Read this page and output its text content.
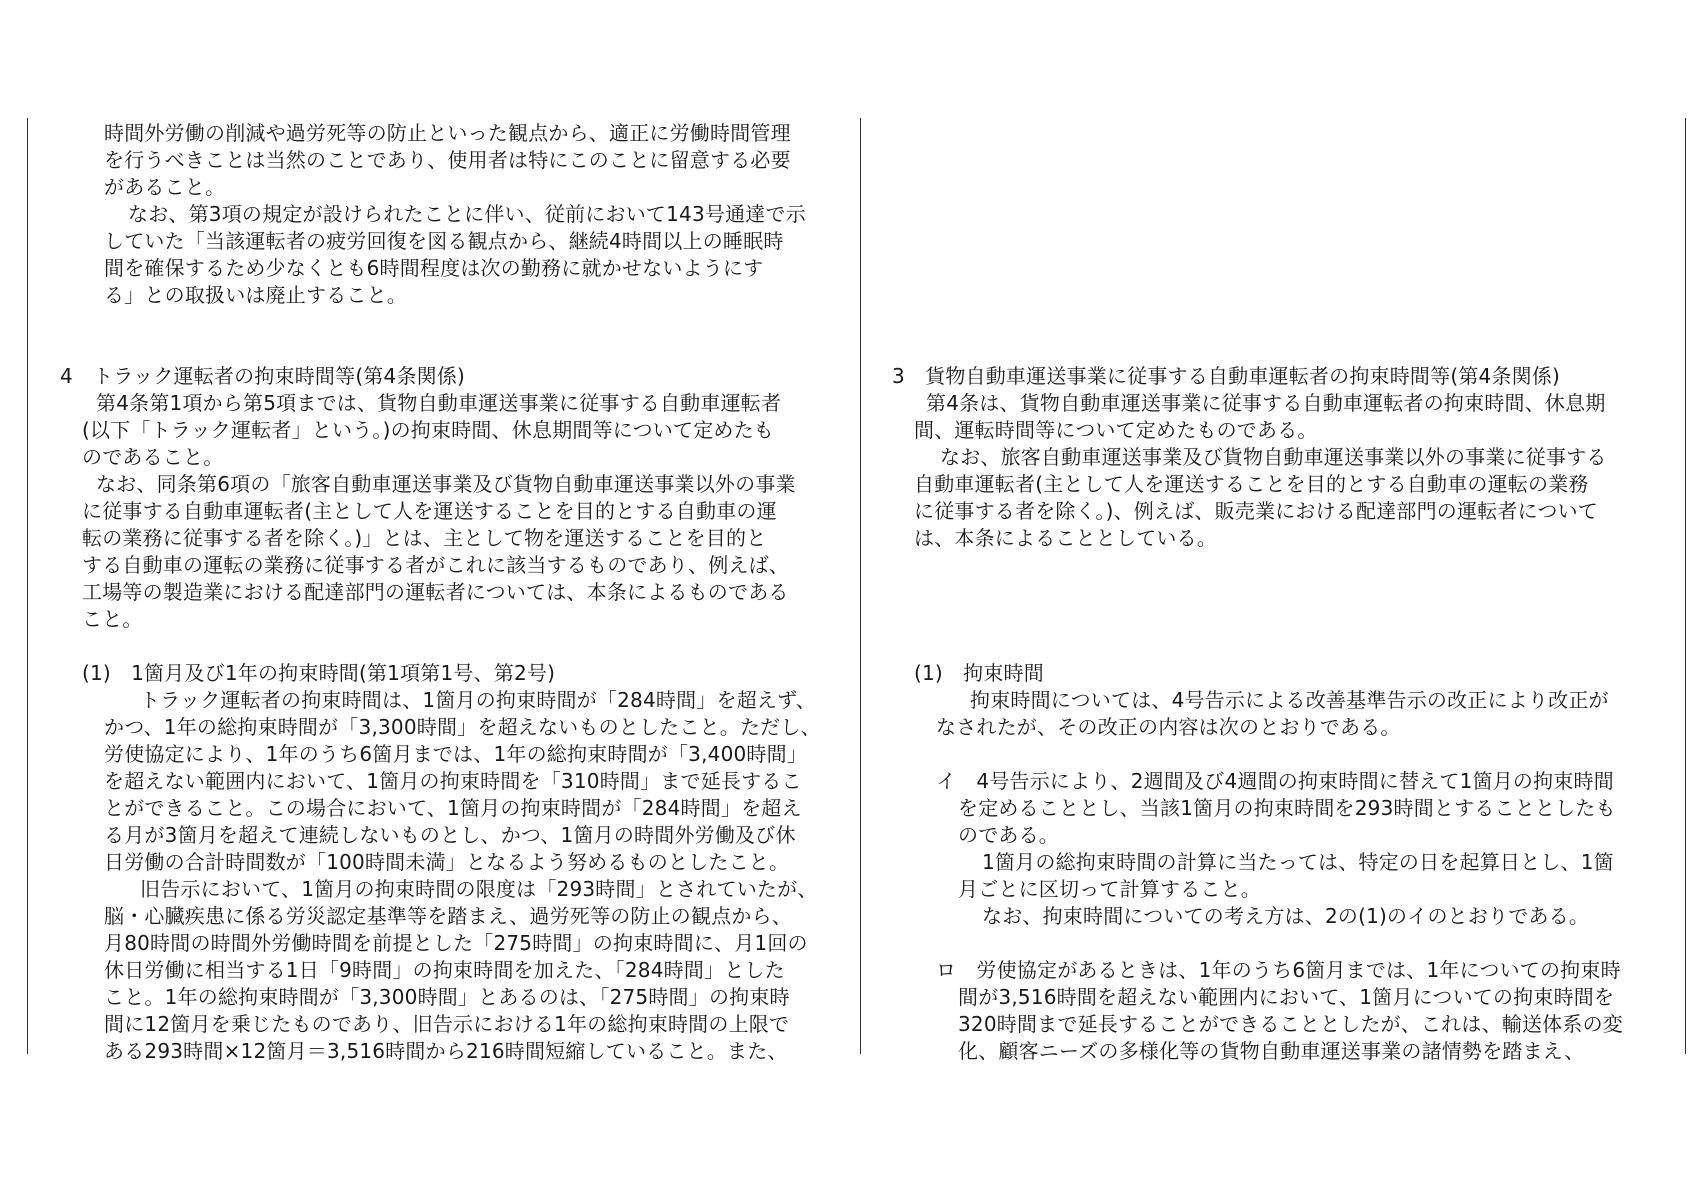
時間外労働の削減や過労死等の防止といった観点から、適正に労働時間管理
を行うべきことは当然のことであり、使用者は特にこのことに留意する必要
があること。
なお、第3項の規定が設けられたことに伴い、従前において143号通達で示
していた「当該運転者の疲労回復を図る観点から、継続4時間以上の睡眠時
間を確保するため少なくとも6時間程度は次の勤務に就かせないようにす
る」との取扱いは廃止すること。
4　トラック運転者の拘束時間等(第4条関係)
第4条第1項から第5項までは、貨物自動車運送事業に従事する自動車運転者
(以下「トラック運転者」という。)の拘束時間、休息期間等について定めたも
のであること。
なお、同条第6項の「旅客自動車運送事業及び貨物自動車運送事業以外の事業
に従事する自動車運転者(主として人を運送することを目的とする自動車の運
転の業務に従事する者を除く。)」とは、主として物を運送することを目的と
する自動車の運転の業務に従事する者がこれに該当するものであり、例えば、
工場等の製造業における配達部門の運転者については、本条によるものである
こと。
(1)　1箇月及び1年の拘束時間(第1項第1号、第2号)
トラック運転者の拘束時間は、1箇月の拘束時間が「284時間」を超えず、
かつ、1年の総拘束時間が「3,300時間」を超えないものとしたこと。ただし、
労使協定により、1年のうち6箇月までは、1年の総拘束時間が「3,400時間」
を超えない範囲内において、1箇月の拘束時間を「310時間」まで延長するこ
とができること。この場合において、1箇月の拘束時間が「284時間」を超え
る月が3箇月を超えて連続しないものとし、かつ、1箇月の時間外労働及び休
日労働の合計時間数が「100時間未満」となるよう努めるものとしたこと。
旧告示において、1箇月の拘束時間の限度は「293時間」とされていたが、
脳・心臓疾患に係る労災認定基準等を踏まえ、過労死等の防止の観点から、
月80時間の時間外労働時間を前提とした「275時間」の拘束時間に、月1回の
休日労働に相当する1日「9時間」の拘束時間を加えた、「284時間」とした
こと。1年の総拘束時間が「3,300時間」とあるのは、「275時間」の拘束時
間に12箇月を乗じたものであり、旧告示における1年の総拘束時間の上限で
ある293時間×12箇月＝3,516時間から216時間短縮していること。また、
3　貨物自動車運送事業に従事する自動車運転者の拘束時間等(第4条関係)
第4条は、貨物自動車運送事業に従事する自動車運転者の拘束時間、休息期
間、運転時間等について定めたものである。
なお、旅客自動車運送事業及び貨物自動車運送事業以外の事業に従事する
自動車運転者(主として人を運送することを目的とする自動車の運転の業務
に従事する者を除く。)、例えば、販売業における配達部門の運転者について
は、本条によることとしている。
(1)　拘束時間
拘束時間については、4号告示による改善基準告示の改正により改正が
なされたが、その改正の内容は次のとおりである。
イ　4号告示により、2週間及び4週間の拘束時間に替えて1箇月の拘束時間
を定めることとし、当該1箇月の拘束時間を293時間とすることとしたも
のである。
1箇月の総拘束時間の計算に当たっては、特定の日を起算日とし、1箇
月ごとに区切って計算すること。
なお、拘束時間についての考え方は、2の(1)のイのとおりである。
ロ　労使協定があるときは、1年のうち6箇月までは、1年についての拘束時
間が3,516時間を超えない範囲内において、1箇月についての拘束時間を
320時間まで延長することができることとしたが、これは、輸送体系の変
化、顧客ニーズの多様化等の貨物自動車運送事業の諸情勢を踏まえ、
